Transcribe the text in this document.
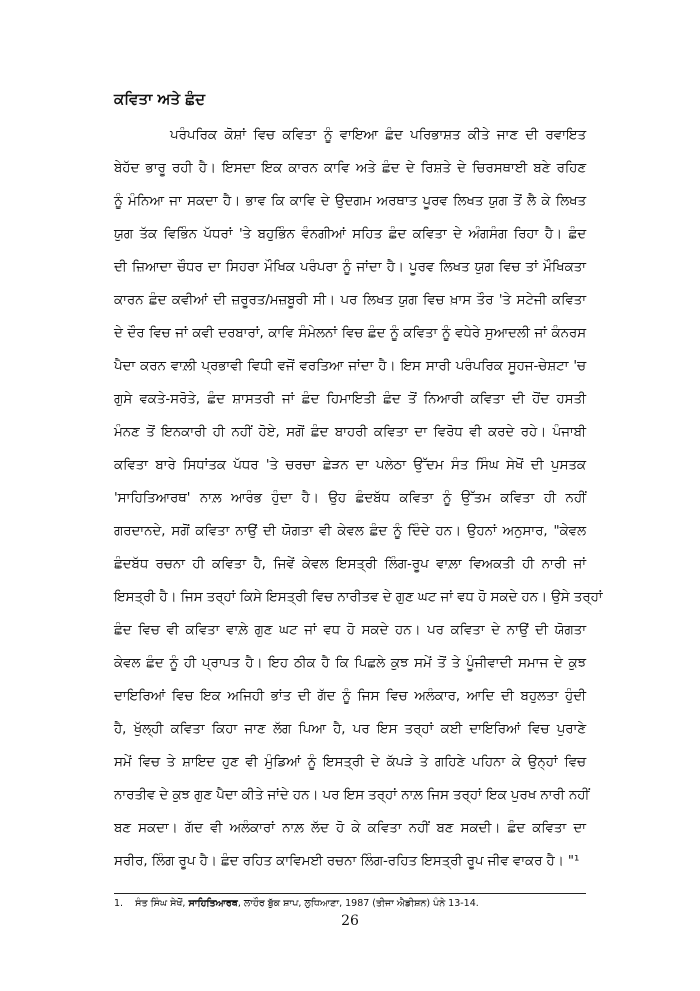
ਕਵਿਤਾ ਅਤੇ ਛੰਦ
ਪਰੰਪਰਿਕ ਕੋਸ਼ਾਂ ਵਿਚ ਕਵਿਤਾ ਨੂੰ ਵਾਇਆ ਛੰਦ ਪਰਿਭਾਸ਼ਤ ਕੀਤੇ ਜਾਣ ਦੀ ਰਵਾਇਤ
ਬੇਹੱਦ ਭਾਰੂ ਰਹੀ ਹੈ। ਇਸਦਾ ਇਕ ਕਾਰਨ ਕਾਵਿ ਅਤੇ ਛੰਦ ਦੇ ਰਿਸ਼ਤੇ ਦੇ ਚਿਰਸਥਾਈ ਬਣੇ ਰਹਿਣ
ਨੂੰ ਮੰਨਿਆ ਜਾ ਸਕਦਾ ਹੈ। ਭਾਵ ਕਿ ਕਾਵਿ ਦੇ ਉਦਗਮ ਅਰਥਾਤ ਪੂਰਵ ਲਿਖਤ ਯੁਗ ਤੋਂ ਲੈ ਕੇ ਲਿਖਤ
ਯੁਗ ਤੱਕ ਵਿਭਿੰਨ ਪੱਧਰਾਂ 'ਤੇ ਬਹੁਭਿੰਨ ਵੰਨਗੀਆਂ ਸਹਿਤ ਛੰਦ ਕਵਿਤਾ ਦੇ ਅੰਗਸੰਗ ਰਿਹਾ ਹੈ। ਛੰਦ
ਦੀ ਜ਼ਿਆਦਾ ਚੌਧਰ ਦਾ ਸਿਹਰਾ ਮੌਖਿਕ ਪਰੰਪਰਾ ਨੂੰ ਜਾਂਦਾ ਹੈ। ਪੂਰਵ ਲਿਖਤ ਯੁਗ ਵਿਚ ਤਾਂ ਮੌਖਿਕਤਾ
ਕਾਰਨ ਛੰਦ ਕਵੀਆਂ ਦੀ ਜ਼ਰੂਰਤ/ਮਜ਼ਬੂਰੀ ਸੀ। ਪਰ ਲਿਖਤ ਯੁਗ ਵਿਚ ਖ਼ਾਸ ਤੌਰ 'ਤੇ ਸਟੇਜੀ ਕਵਿਤਾ
ਦੇ ਦੌਰ ਵਿਚ ਜਾਂ ਕਵੀ ਦਰਬਾਰਾਂ, ਕਾਵਿ ਸੰਮੇਲਨਾਂ ਵਿਚ ਛੰਦ ਨੂੰ ਕਵਿਤਾ ਨੂੰ ਵਧੇਰੇ ਸੁਆਦਲੀ ਜਾਂ ਕੰਨਰਸ
ਪੈਦਾ ਕਰਨ ਵਾਲ਼ੀ ਪ੍ਰਭਾਵੀ ਵਿਧੀ ਵਜੋਂ ਵਰਤਿਆ ਜਾਂਦਾ ਹੈ। ਇਸ ਸਾਰੀ ਪਰੰਪਰਿਕ ਸੂਹਜ-ਚੇਸ਼ਟਾ 'ਚ
ਗੁਸੇ ਵਕਤੇ-ਸਰੋਤੇ, ਛੰਦ ਸ਼ਾਸਤਰੀ ਜਾਂ ਛੰਦ ਹਿਮਾਇਤੀ ਛੰਦ ਤੋਂ ਨਿਆਰੀ ਕਵਿਤਾ ਦੀ ਹੋਂਦ ਹਸਤੀ
ਮੰਨਣ ਤੋਂ ਇਨਕਾਰੀ ਹੀ ਨਹੀਂ ਹੋਏ, ਸਗੋਂ ਛੰਦ ਬਾਹਰੀ ਕਵਿਤਾ ਦਾ ਵਿਰੋਧ ਵੀ ਕਰਦੇ ਰਹੇ। ਪੰਜਾਬੀ
ਕਵਿਤਾ ਬਾਰੇ ਸਿਧਾਂਤਕ ਪੱਧਰ 'ਤੇ ਚਰਚਾ ਛੇੜਨ ਦਾ ਪਲੇਠਾ ਉੱਦਮ ਸੰਤ ਸਿੰਘ ਸੇਖੋਂ ਦੀ ਪੁਸਤਕ
'ਸਾਹਿਤਿਆਰਥ' ਨਾਲ਼ ਆਰੰਭ ਹੁੰਦਾ ਹੈ। ਉਹ ਛੰਦਬੱਧ ਕਵਿਤਾ ਨੂੰ ਉੱਤਮ ਕਵਿਤਾ ਹੀ ਨਹੀਂ
ਗਰਦਾਨਦੇ, ਸਗੋਂ ਕਵਿਤਾ ਨਾਉਂ ਦੀ ਯੋਗਤਾ ਵੀ ਕੇਵਲ ਛੰਦ ਨੂੰ ਦਿੰਦੇ ਹਨ। ਉਹਨਾਂ ਅਨੁਸਾਰ, "ਕੇਵਲ
ਛੰਦਬੱਧ ਰਚਨਾ ਹੀ ਕਵਿਤਾ ਹੈ, ਜਿਵੇਂ ਕੇਵਲ ਇਸਤ੍ਰੀ ਲਿੰਗ-ਰੂਪ ਵਾਲ਼ਾ ਵਿਅਕਤੀ ਹੀ ਨਾਰੀ ਜਾਂ
ਇਸਤ੍ਰੀ ਹੈ। ਜਿਸ ਤਰ੍ਹਾਂ ਕਿਸੇ ਇਸਤ੍ਰੀ ਵਿਚ ਨਾਰੀਤਵ ਦੇ ਗੁਣ ਘਟ ਜਾਂ ਵਧ ਹੋ ਸਕਦੇ ਹਨ। ਉਸੇ ਤਰ੍ਹਾਂ
ਛੰਦ ਵਿਚ ਵੀ ਕਵਿਤਾ ਵਾਲ਼ੇ ਗੁਣ ਘਟ ਜਾਂ ਵਧ ਹੋ ਸਕਦੇ ਹਨ। ਪਰ ਕਵਿਤਾ ਦੇ ਨਾਉਂ ਦੀ ਯੋਗਤਾ
ਕੇਵਲ ਛੰਦ ਨੂੰ ਹੀ ਪ੍ਰਾਪਤ ਹੈ। ਇਹ ਠੀਕ ਹੈ ਕਿ ਪਿਛਲੇ ਕੁਝ ਸਮੇਂ ਤੋਂ ਤੇ ਪੂੰਜੀਵਾਦੀ ਸਮਾਜ ਦੇ ਕੁਝ
ਦਾਇਰਿਆਂ ਵਿਚ ਇਕ ਅਜਿਹੀ ਭਾਂਤ ਦੀ ਗੱਦ ਨੂੰ ਜਿਸ ਵਿਚ ਅਲੰਕਾਰ, ਆਦਿ ਦੀ ਬਹੁਲਤਾ ਹੁੰਦੀ
ਹੈ, ਖੁੱਲ੍ਹੀ ਕਵਿਤਾ ਕਿਹਾ ਜਾਣ ਲੱਗ ਪਿਆ ਹੈ, ਪਰ ਇਸ ਤਰ੍ਹਾਂ ਕਈ ਦਾਇਰਿਆਂ ਵਿਚ ਪੁਰਾਣੇ
ਸਮੇਂ ਵਿਚ ਤੇ ਸ਼ਾਇਦ ਹੁਣ ਵੀ ਮੁੰਡਿਆਂ ਨੂੰ ਇਸਤ੍ਰੀ ਦੇ ਕੱਪੜੇ ਤੇ ਗਹਿਣੇ ਪਹਿਨਾ ਕੇ ਉਨ੍ਹਾਂ ਵਿਚ
ਨਾਰਤੀਵ ਦੇ ਕੁਝ ਗੁਣ ਪੈਦਾ ਕੀਤੇ ਜਾਂਦੇ ਹਨ। ਪਰ ਇਸ ਤਰ੍ਹਾਂ ਨਾਲ਼ ਜਿਸ ਤਰ੍ਹਾਂ ਇਕ ਪੁਰਖ ਨਾਰੀ ਨਹੀਂ
ਬਣ ਸਕਦਾ। ਗੱਦ ਵੀ ਅਲੰਕਾਰਾਂ ਨਾਲ਼ ਲੱਦ ਹੋ ਕੇ ਕਵਿਤਾ ਨਹੀਂ ਬਣ ਸਕਦੀ। ਛੰਦ ਕਵਿਤਾ ਦਾ
ਸਰੀਰ, ਲਿੰਗ ਰੂਪ ਹੈ। ਛੰਦ ਰਹਿਤ ਕਾਵਿਮਈ ਰਚਨਾ ਲਿੰਗ-ਰਹਿਤ ਇਸਤ੍ਰੀ ਰੂਪ ਜੀਵ ਵਾਕਰ ਹੈ। "¹
1. ਸੰਤ ਸਿੰਘ ਸੇਖੋਂ, ਸਾਹਿਤਿਆਰਥ, ਲਾਹੌਰ ਬੁੱਕ ਸ਼ਾਪ, ਲੁਧਿਆਣਾ, 1987 (ਤੀਜਾ ਐਡੀਸ਼ਨ) ਪੰਨੇ 13-14.
26
